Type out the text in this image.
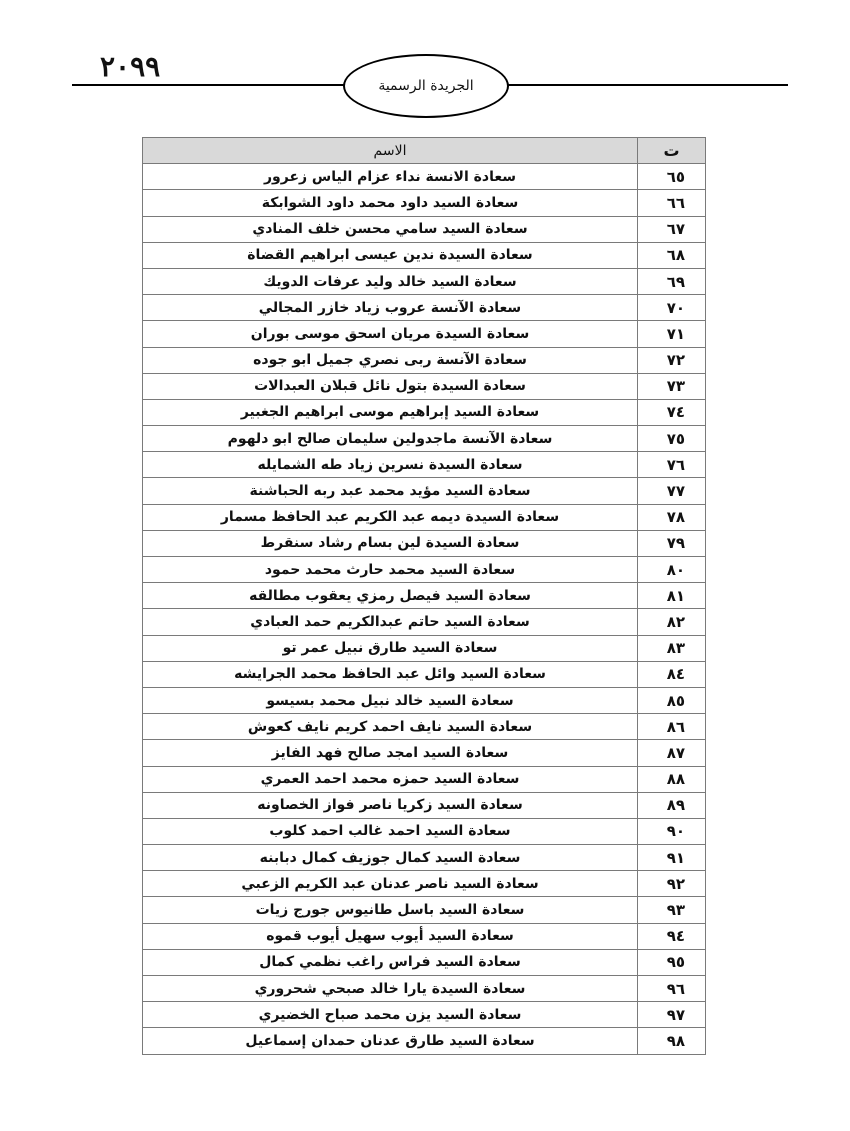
٢٠٩٩
الجريدة الرسمية
ت	الاسم
٦٥	سعادة الانسة نداء عزام الياس زعرور
٦٦	سعادة السيد داود محمد داود الشوابكة
٦٧	سعادة السيد سامي محسن خلف المنادي
٦٨	سعادة السيدة ندين عيسى ابراهيم القضاة
٦٩	سعادة السيد خالد وليد عرفات الدويك
٧٠	سعادة الآنسة عروب زياد خازر المجالي
٧١	سعادة السيدة مريان اسحق موسى بوران
٧٢	سعادة الآنسة ربى نصري جميل ابو جوده
٧٣	سعادة السيدة بتول نائل قبلان العبدالات
٧٤	سعادة السيد إبراهيم موسى ابراهيم الجغبير
٧٥	سعادة الآنسة ماجدولين سليمان صالح ابو دلهوم
٧٦	سعادة السيدة نسرين زياد طه الشمايله
٧٧	سعادة السيد مؤيد محمد عبد ربه الحباشنة
٧٨	سعادة السيدة ديمه عبد الكريم عبد الحافظ مسمار
٧٩	سعادة السيدة لين بسام رشاد سنقرط
٨٠	سعادة السيد محمد حارث محمد حمود
٨١	سعادة السيد فيصل رمزي يعقوب مطالقه
٨٢	سعادة السيد حاتم عبدالكريم حمد العبادي
٨٣	سعادة السيد طارق نبيل عمر تو
٨٤	سعادة السيد وائل عبد الحافظ محمد الجرايشه
٨٥	سعادة السيد خالد نبيل محمد بسيسو
٨٦	سعادة السيد نايف احمد كريم نايف كعوش
٨٧	سعادة السيد امجد صالح فهد الفايز
٨٨	سعادة السيد حمزه محمد احمد العمري
٨٩	سعادة السيد زكريا ناصر فواز الخصاونه
٩٠	سعادة السيد احمد غالب احمد كلوب
٩١	سعادة السيد كمال جوزيف كمال دبابنه
٩٢	سعادة السيد ناصر عدنان عبد الكريم الزعبي
٩٣	سعادة السيد باسل طانيوس جورج زيات
٩٤	سعادة السيد أيوب سهيل أيوب قموه
٩٥	سعادة السيد فراس راغب نظمي كمال
٩٦	سعادة السيدة يارا خالد صبحي شحروري
٩٧	سعادة السيد يزن محمد صباح الخضيري
٩٨	سعادة السيد طارق عدنان حمدان إسماعيل
